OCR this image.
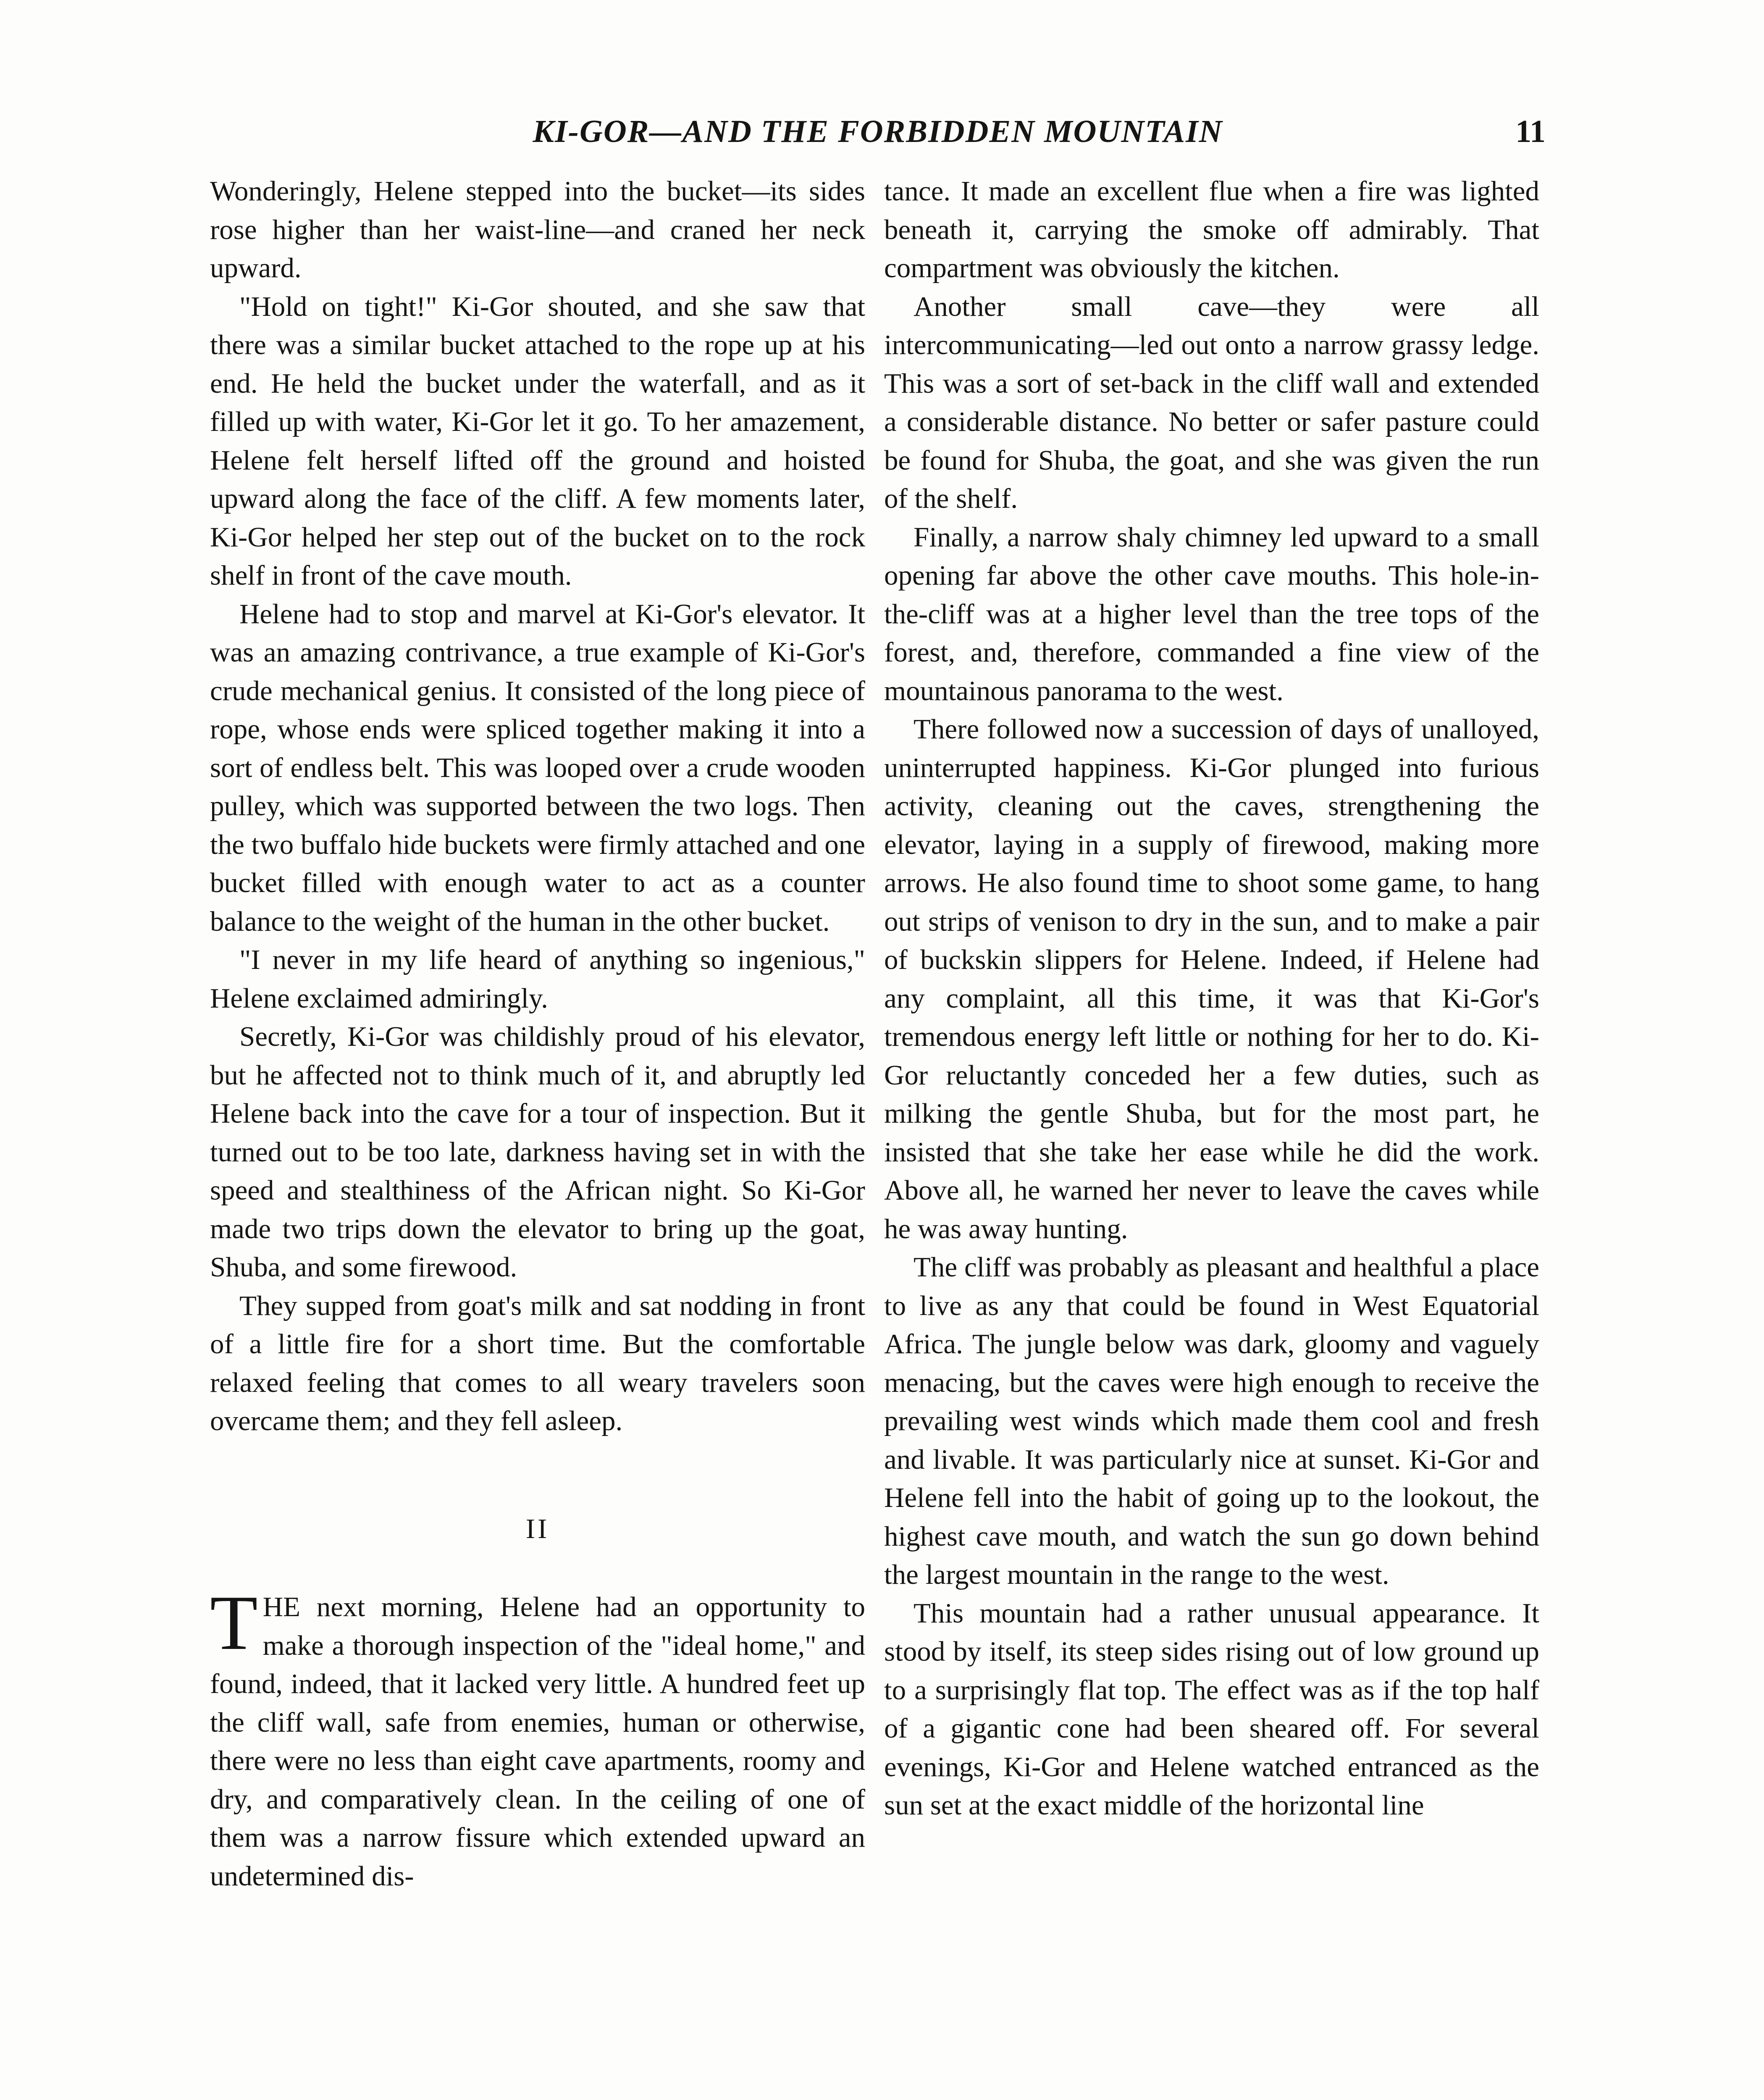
KI-GOR—AND THE FORBIDDEN MOUNTAIN	11

Wonderingly, Helene stepped into the bucket—its sides rose higher than her waist-line—and craned her neck upward.

"Hold on tight!" Ki-Gor shouted, and she saw that there was a similar bucket attached to the rope up at his end. He held the bucket under the waterfall, and as it filled up with water, Ki-Gor let it go. To her amazement, Helene felt herself lifted off the ground and hoisted upward along the face of the cliff. A few moments later, Ki-Gor helped her step out of the bucket on to the rock shelf in front of the cave mouth.

Helene had to stop and marvel at Ki-Gor's elevator. It was an amazing contrivance, a true example of Ki-Gor's crude mechanical genius. It consisted of the long piece of rope, whose ends were spliced together making it into a sort of endless belt. This was looped over a crude wooden pulley, which was supported between the two logs. Then the two buffalo hide buckets were firmly attached and one bucket filled with enough water to act as a counter balance to the weight of the human in the other bucket.

"I never in my life heard of anything so ingenious," Helene exclaimed admiringly.

Secretly, Ki-Gor was childishly proud of his elevator, but he affected not to think much of it, and abruptly led Helene back into the cave for a tour of inspection. But it turned out to be too late, darkness having set in with the speed and stealthiness of the African night. So Ki-Gor made two trips down the elevator to bring up the goat, Shuba, and some firewood.

They supped from goat's milk and sat nodding in front of a little fire for a short time. But the comfortable relaxed feeling that comes to all weary travelers soon overcame them; and they fell asleep.

II

THE next morning, Helene had an opportunity to make a thorough inspection of the "ideal home," and found, indeed, that it lacked very little. A hundred feet up the cliff wall, safe from enemies, human or otherwise, there were no less than eight cave apartments, roomy and dry, and comparatively clean. In the ceiling of one of them was a narrow fissure which extended upward an undetermined dis-

tance. It made an excellent flue when a fire was lighted beneath it, carrying the smoke off admirably. That compartment was obviously the kitchen.

Another small cave—they were all intercommunicating—led out onto a narrow grassy ledge. This was a sort of set-back in the cliff wall and extended a considerable distance. No better or safer pasture could be found for Shuba, the goat, and she was given the run of the shelf.

Finally, a narrow shaly chimney led upward to a small opening far above the other cave mouths. This hole-in-the-cliff was at a higher level than the tree tops of the forest, and, therefore, commanded a fine view of the mountainous panorama to the west.

There followed now a succession of days of unalloyed, uninterrupted happiness. Ki-Gor plunged into furious activity, cleaning out the caves, strengthening the elevator, laying in a supply of firewood, making more arrows. He also found time to shoot some game, to hang out strips of venison to dry in the sun, and to make a pair of buckskin slippers for Helene. Indeed, if Helene had any complaint, all this time, it was that Ki-Gor's tremendous energy left little or nothing for her to do. Ki-Gor reluctantly conceded her a few duties, such as milking the gentle Shuba, but for the most part, he insisted that she take her ease while he did the work. Above all, he warned her never to leave the caves while he was away hunting.

The cliff was probably as pleasant and healthful a place to live as any that could be found in West Equatorial Africa. The jungle below was dark, gloomy and vaguely menacing, but the caves were high enough to receive the prevailing west winds which made them cool and fresh and livable. It was particularly nice at sunset. Ki-Gor and Helene fell into the habit of going up to the lookout, the highest cave mouth, and watch the sun go down behind the largest mountain in the range to the west.

This mountain had a rather unusual appearance. It stood by itself, its steep sides rising out of low ground up to a surprisingly flat top. The effect was as if the top half of a gigantic cone had been sheared off. For several evenings, Ki-Gor and Helene watched entranced as the sun set at the exact middle of the horizontal line
